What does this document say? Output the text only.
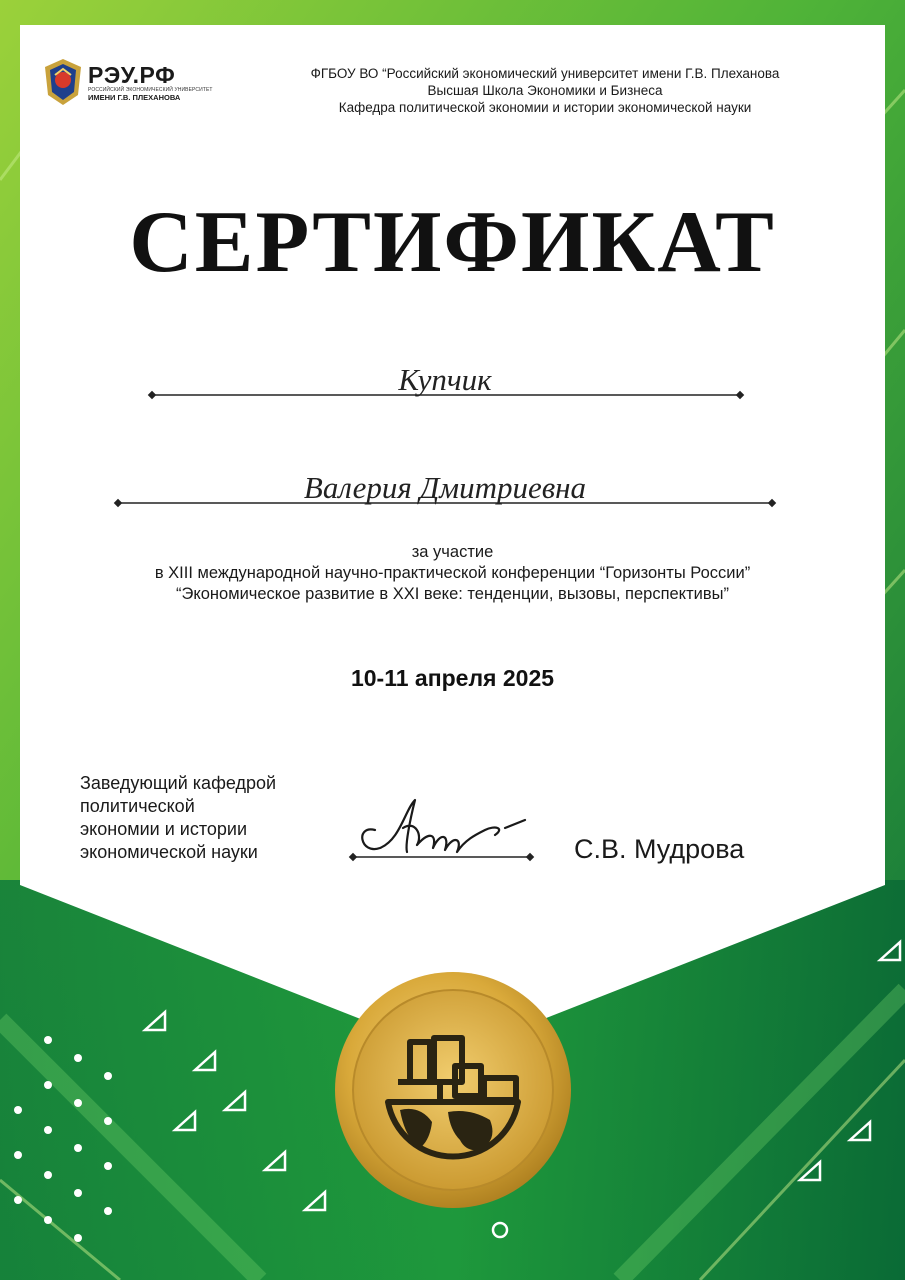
РЭУ.РФ
РОССИЙСКИЙ ЭКОНОМИЧЕСКИЙ УНИВЕРСИТЕТ
ИМЕНИ Г.В. ПЛЕХАНОВА
ФГБОУ ВО “Российский экономический университет имени Г.В. Плеханова
Высшая Школа Экономики и Бизнеса
Кафедра политической экономии и истории экономической науки
СЕРТИФИКАТ
Купчик
Валерия Дмитриевна
за участие
в XIII международной научно-практической конференции “Горизонты России”
“Экономическое развитие в XXI веке: тенденции, вызовы, перспективы”
10-11 апреля 2025
Заведующий кафедрой
политической
экономии и истории
экономической науки	С.В. Мудрова
